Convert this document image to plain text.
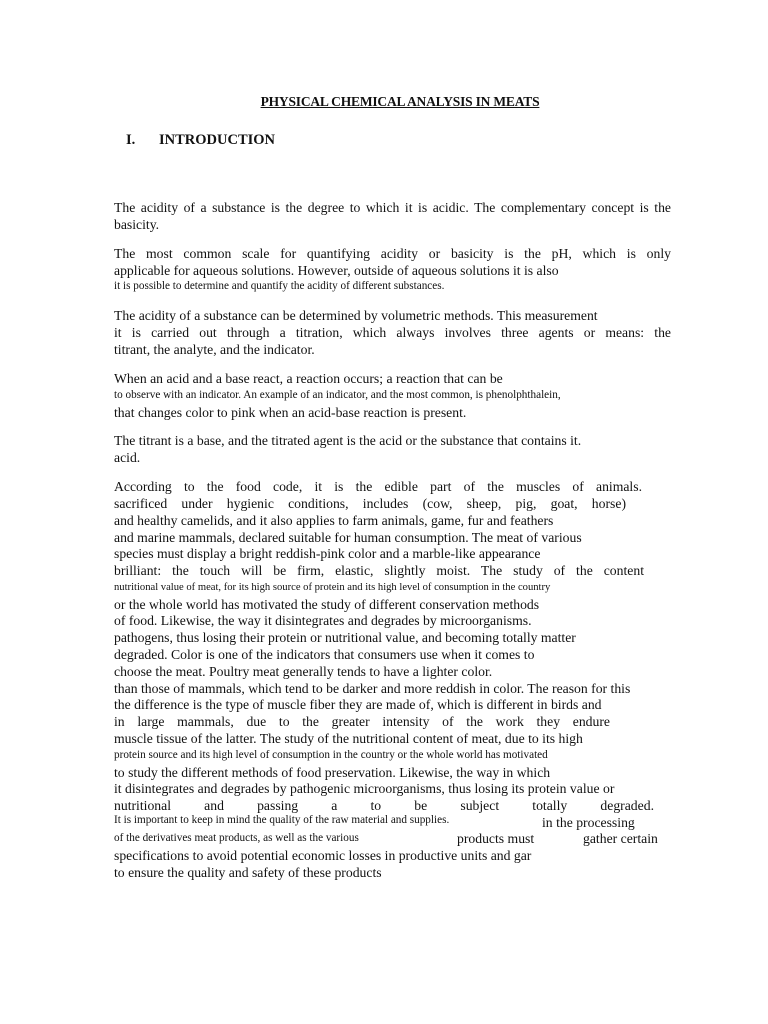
PHYSICAL CHEMICAL ANALYSIS IN MEATS
I. INTRODUCTION
The acidity of a substance is the degree to which it is acidic. The complementary concept is the
basicity.
The most common scale for quantifying acidity or basicity is the pH, which is only
applicable for aqueous solutions. However, outside of aqueous solutions it is also
it is possible to determine and quantify the acidity of different substances.
The acidity of a substance can be determined by volumetric methods. This measurement
it is carried out through a titration, which always involves three agents or means: the
titrant, the analyte, and the indicator.
When an acid and a base react, a reaction occurs; a reaction that can be
to observe with an indicator. An example of an indicator, and the most common, is phenolphthalein,
that changes color to pink when an acid-base reaction is present.
The titrant is a base, and the titrated agent is the acid or the substance that contains it.
acid.
According to the food code, it is the edible part of the muscles of animals.
sacrificed under hygienic conditions, includes (cow, sheep, pig, goat, horse)
and healthy camelids, and it also applies to farm animals, game, fur and feathers
and marine mammals, declared suitable for human consumption. The meat of various
species must display a bright reddish-pink color and a marble-like appearance
brilliant: the touch will be firm, elastic, slightly moist. The study of the content
nutritional value of meat, for its high source of protein and its high level of consumption in the country
or the whole world has motivated the study of different conservation methods
of food. Likewise, the way it disintegrates and degrades by microorganisms.
pathogens, thus losing their protein or nutritional value, and becoming totally matter
degraded. Color is one of the indicators that consumers use when it comes to
choose the meat. Poultry meat generally tends to have a lighter color.
than those of mammals, which tend to be darker and more reddish in color. The reason for this
the difference is the type of muscle fiber they are made of, which is different in birds and
in large mammals, due to the greater intensity of the work they endure
muscle tissue of the latter. The study of the nutritional content of meat, due to its high
protein source and its high level of consumption in the country or the whole world has motivated
to study the different methods of food preservation. Likewise, the way in which
it disintegrates and degrades by pathogenic microorganisms, thus losing its protein value or
nutritional and passing a to be subject totally degraded.
It is important to keep in mind the quality of the raw material and supplies.	in the processing
of the derivatives meat products, as well as the various	products must	gather certain
specifications to avoid potential economic losses in productive units and gar
to ensure the quality and safety of these products
